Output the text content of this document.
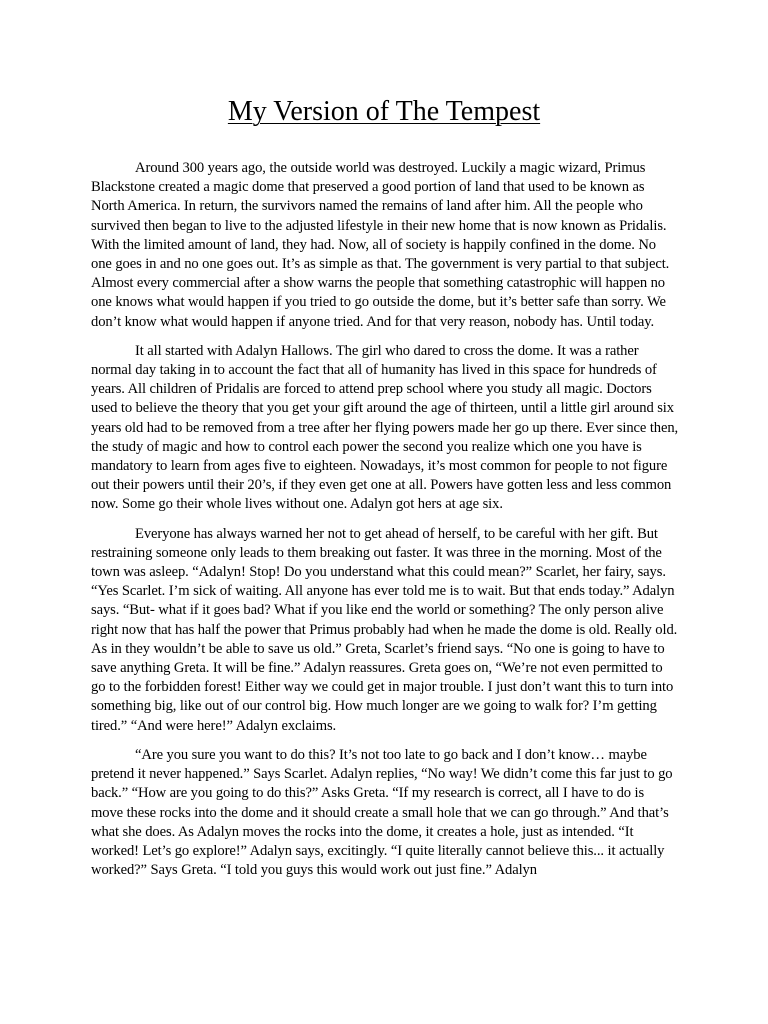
My Version of The Tempest

Around 300 years ago, the outside world was destroyed. Luckily a magic wizard, Primus Blackstone created a magic dome that preserved a good portion of land that used to be known as North America. In return, the survivors named the remains of land after him. All the people who survived then began to live to the adjusted lifestyle in their new home that is now known as Pridalis. With the limited amount of land, they had. Now, all of society is happily confined in the dome. No one goes in and no one goes out. It’s as simple as that. The government is very partial to that subject. Almost every commercial after a show warns the people that something catastrophic will happen no one knows what would happen if you tried to go outside the dome, but it’s better safe than sorry. We don’t know what would happen if anyone tried. And for that very reason, nobody has. Until today.

It all started with Adalyn Hallows. The girl who dared to cross the dome. It was a rather normal day taking in to account the fact that all of humanity has lived in this space for hundreds of years. All children of Pridalis are forced to attend prep school where you study all magic. Doctors used to believe the theory that you get your gift around the age of thirteen, until a little girl around six years old had to be removed from a tree after her flying powers made her go up there. Ever since then, the study of magic and how to control each power the second you realize which one you have is mandatory to learn from ages five to eighteen. Nowadays, it’s most common for people to not figure out their powers until their 20’s, if they even get one at all. Powers have gotten less and less common now. Some go their whole lives without one. Adalyn got hers at age six.

Everyone has always warned her not to get ahead of herself, to be careful with her gift. But restraining someone only leads to them breaking out faster. It was three in the morning. Most of the town was asleep. “Adalyn! Stop! Do you understand what this could mean?” Scarlet, her fairy, says. “Yes Scarlet. I’m sick of waiting. All anyone has ever told me is to wait. But that ends today.” Adalyn says. “But- what if it goes bad? What if you like end the world or something? The only person alive right now that has half the power that Primus probably had when he made the dome is old. Really old. As in they wouldn’t be able to save us old.” Greta, Scarlet’s friend says. “No one is going to have to save anything Greta. It will be fine.” Adalyn reassures. Greta goes on, “We’re not even permitted to go to the forbidden forest! Either way we could get in major trouble. I just don’t want this to turn into something big, like out of our control big. How much longer are we going to walk for? I’m getting tired.” “And were here!” Adalyn exclaims.

“Are you sure you want to do this? It’s not too late to go back and I don’t know… maybe pretend it never happened.” Says Scarlet. Adalyn replies, “No way! We didn’t come this far just to go back.” “How are you going to do this?” Asks Greta. “If my research is correct, all I have to do is move these rocks into the dome and it should create a small hole that we can go through.” And that’s what she does. As Adalyn moves the rocks into the dome, it creates a hole, just as intended. “It worked! Let’s go explore!” Adalyn says, excitingly. “I quite literally cannot believe this... it actually worked?” Says Greta. “I told you guys this would work out just fine.” Adalyn
